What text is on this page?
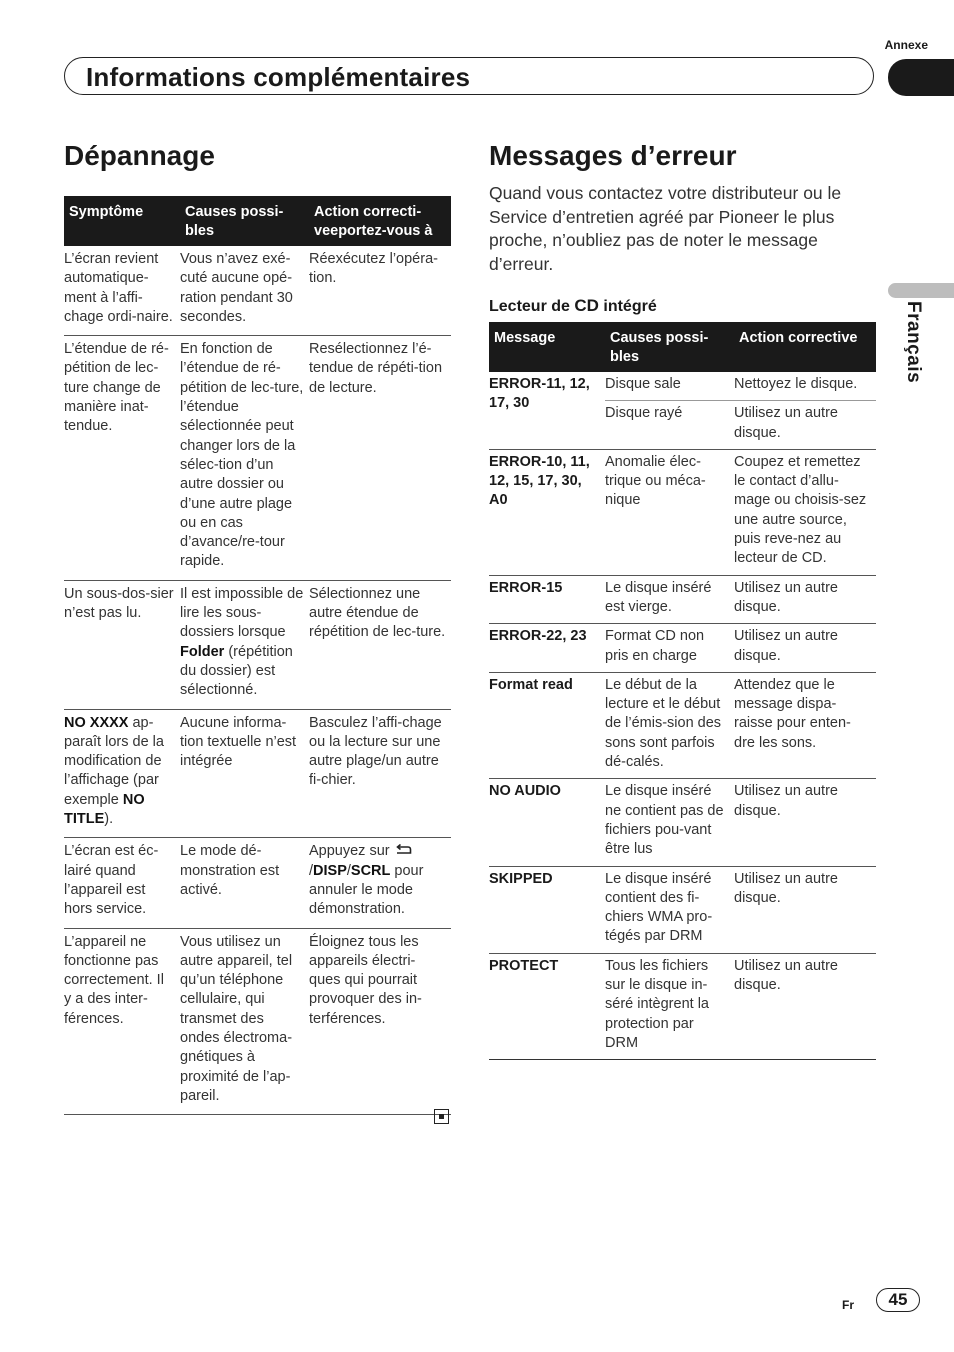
Annexe
Informations complémentaires
Français
Dépannage
Symptôme	Causes possi-bles	Action correcti-veeportez-vous à
L’écran revient automatique-ment à l’affi-chage ordi-naire.	Vous n’avez exé-cuté aucune opé-ration pendant 30 secondes.	Réexécutez l’opéra-tion.
L’étendue de ré-pétition de lec-ture change de manière inat-tendue.	En fonction de l’étendue de ré-pétition de lec-ture, l’étendue sélectionnée peut changer lors de la sélec-tion d’un autre dossier ou d’une autre plage ou en cas d’avance/re-tour rapide.	Resélectionnez l’é-tendue de répéti-tion de lecture.
Un sous-dos-sier n’est pas lu.	Il est impossible de lire les sous-dossiers lorsque Folder (répétition du dossier) est sélectionné.	Sélectionnez une autre étendue de répétition de lec-ture.
NO XXXX ap-paraît lors de la modification de l’affichage (par exemple NO TITLE).	Aucune informa-tion textuelle n’est intégrée	Basculez l’affi-chage ou la lecture sur une autre plage/un autre fi-chier.
L’écran est éc-lairé quand l’appareil est hors service.	Le mode dé-monstration est activé.	Appuyez sur /DISP/SCRL pour annuler le mode démonstration.
L’appareil ne fonctionne pas correctement. Il y a des inter-férences.	Vous utilisez un autre appareil, tel qu’un téléphone cellulaire, qui transmet des ondes électroma-gnétiques à proximité de l’ap-pareil.	Éloignez tous les appareils électri-ques qui pourrait provoquer des in-terférences.
Messages d’erreur
Quand vous contactez votre distributeur ou le Service d’entretien agréé par Pioneer le plus proche, n’oubliez pas de noter le message d’erreur.
Lecteur de CD intégré
Message	Causes possi-bles	Action corrective
ERROR-11, 12, 17, 30	Disque sale	Nettoyez le disque.
	Disque rayé	Utilisez un autre disque.
ERROR-10, 11, 12, 15, 17, 30, A0	Anomalie élec-trique ou méca-nique	Coupez et remettez le contact d’allu-mage ou choisis-sez une autre source, puis reve-nez au lecteur de CD.
ERROR-15	Le disque inséré est vierge.	Utilisez un autre disque.
ERROR-22, 23	Format CD non pris en charge	Utilisez un autre disque.
Format read	Le début de la lecture et le début de l’émis-sion des sons sont parfois dé-calés.	Attendez que le message dispa-raisse pour enten-dre les sons.
NO AUDIO	Le disque inséré ne contient pas de fichiers pou-vant être lus	Utilisez un autre disque.
SKIPPED	Le disque inséré contient des fi-chiers WMA pro-tégés par DRM	Utilisez un autre disque.
PROTECT	Tous les fichiers sur le disque in-séré intègrent la protection par DRM	Utilisez un autre disque.
Fr	45
